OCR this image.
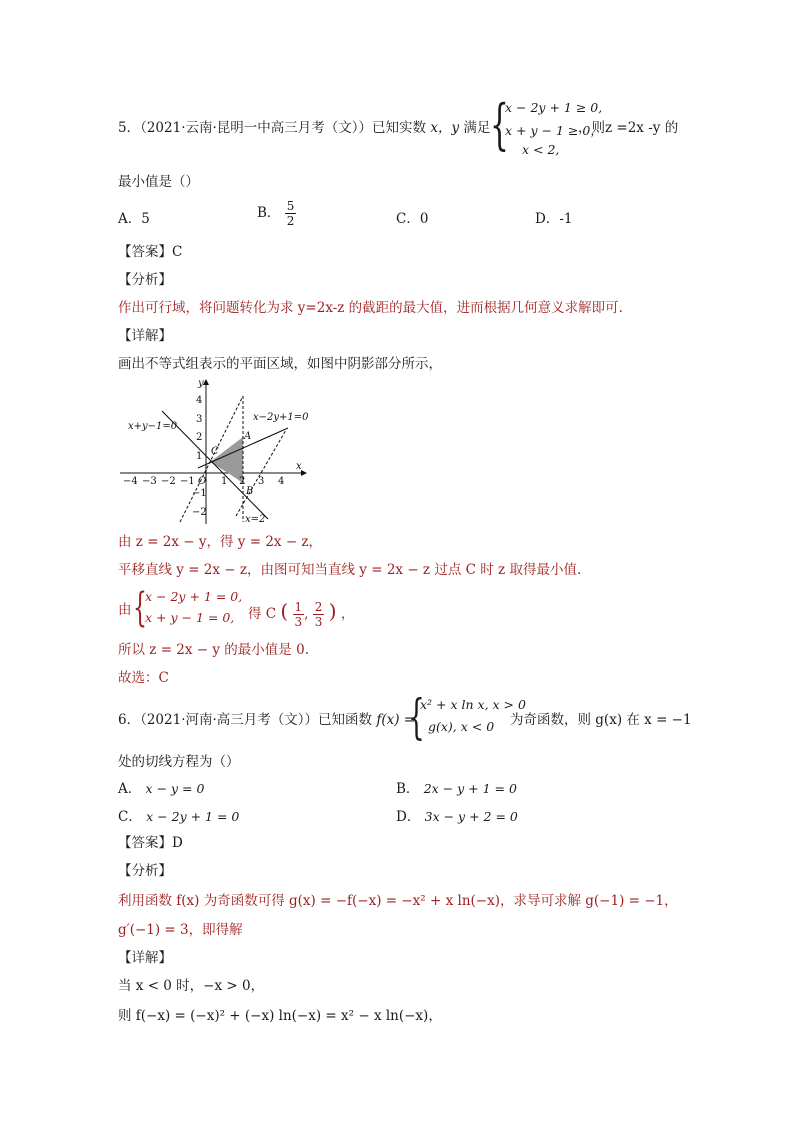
5．（2021·云南·昆明一中高三月考（文））已知实数 x，y 满足 {
x − 2y + 1 ≥ 0,
x + y − 1 ≥ 0，
x < 2,
，则z =2x -y 的
最小值是（）
A．5	B． $\frac{5}{2}$	C．0	D．-1
【答案】C
【分析】
作出可行域，将问题转化为求 y=2x-z 的截距的最大值，进而根据几何意义求解即可.
【详解】
画出不等式组表示的平面区域，如图中阴影部分所示，
x+y−1=0
x−2y+1=0
x=2
A
B
C
x
y
O
−4 −3 −2 −1	1 2 3 4
4
3
2
1
−1
−2
由 z = 2x − y，得 y = 2x − z，
平移直线 y = 2x − z，由图可知当直线 y = 2x − z 过点 C 时 z 取得最小值.
由 {
x − 2y + 1 = 0,
x + y − 1 = 0, 得 C ( $\frac{1}{3}$ , $\frac{2}{3}$ ) ，
所以 z = 2x − y 的最小值是 0.
故选：C
6．（2021·河南·高三月考（文））已知函数 f(x) =
{
x² + x ln x, x > 0
g(x), x < 0 为奇函数，则 g(x) 在 x = −1
处的切线方程为（）
A． x − y = 0	B． 2x − y + 1 = 0
C． x − 2y + 1 = 0	D． 3x − y + 2 = 0
【答案】D
【分析】
利用函数 f(x) 为奇函数可得 g(x) = −f(−x) = −x² + x ln(−x)，求导可求解 g(−1) = −1，
g′(−1) = 3，即得解
【详解】
当 x < 0 时，−x > 0，
则 f(−x) = (−x)² + (−x) ln(−x) = x² − x ln(−x)，
